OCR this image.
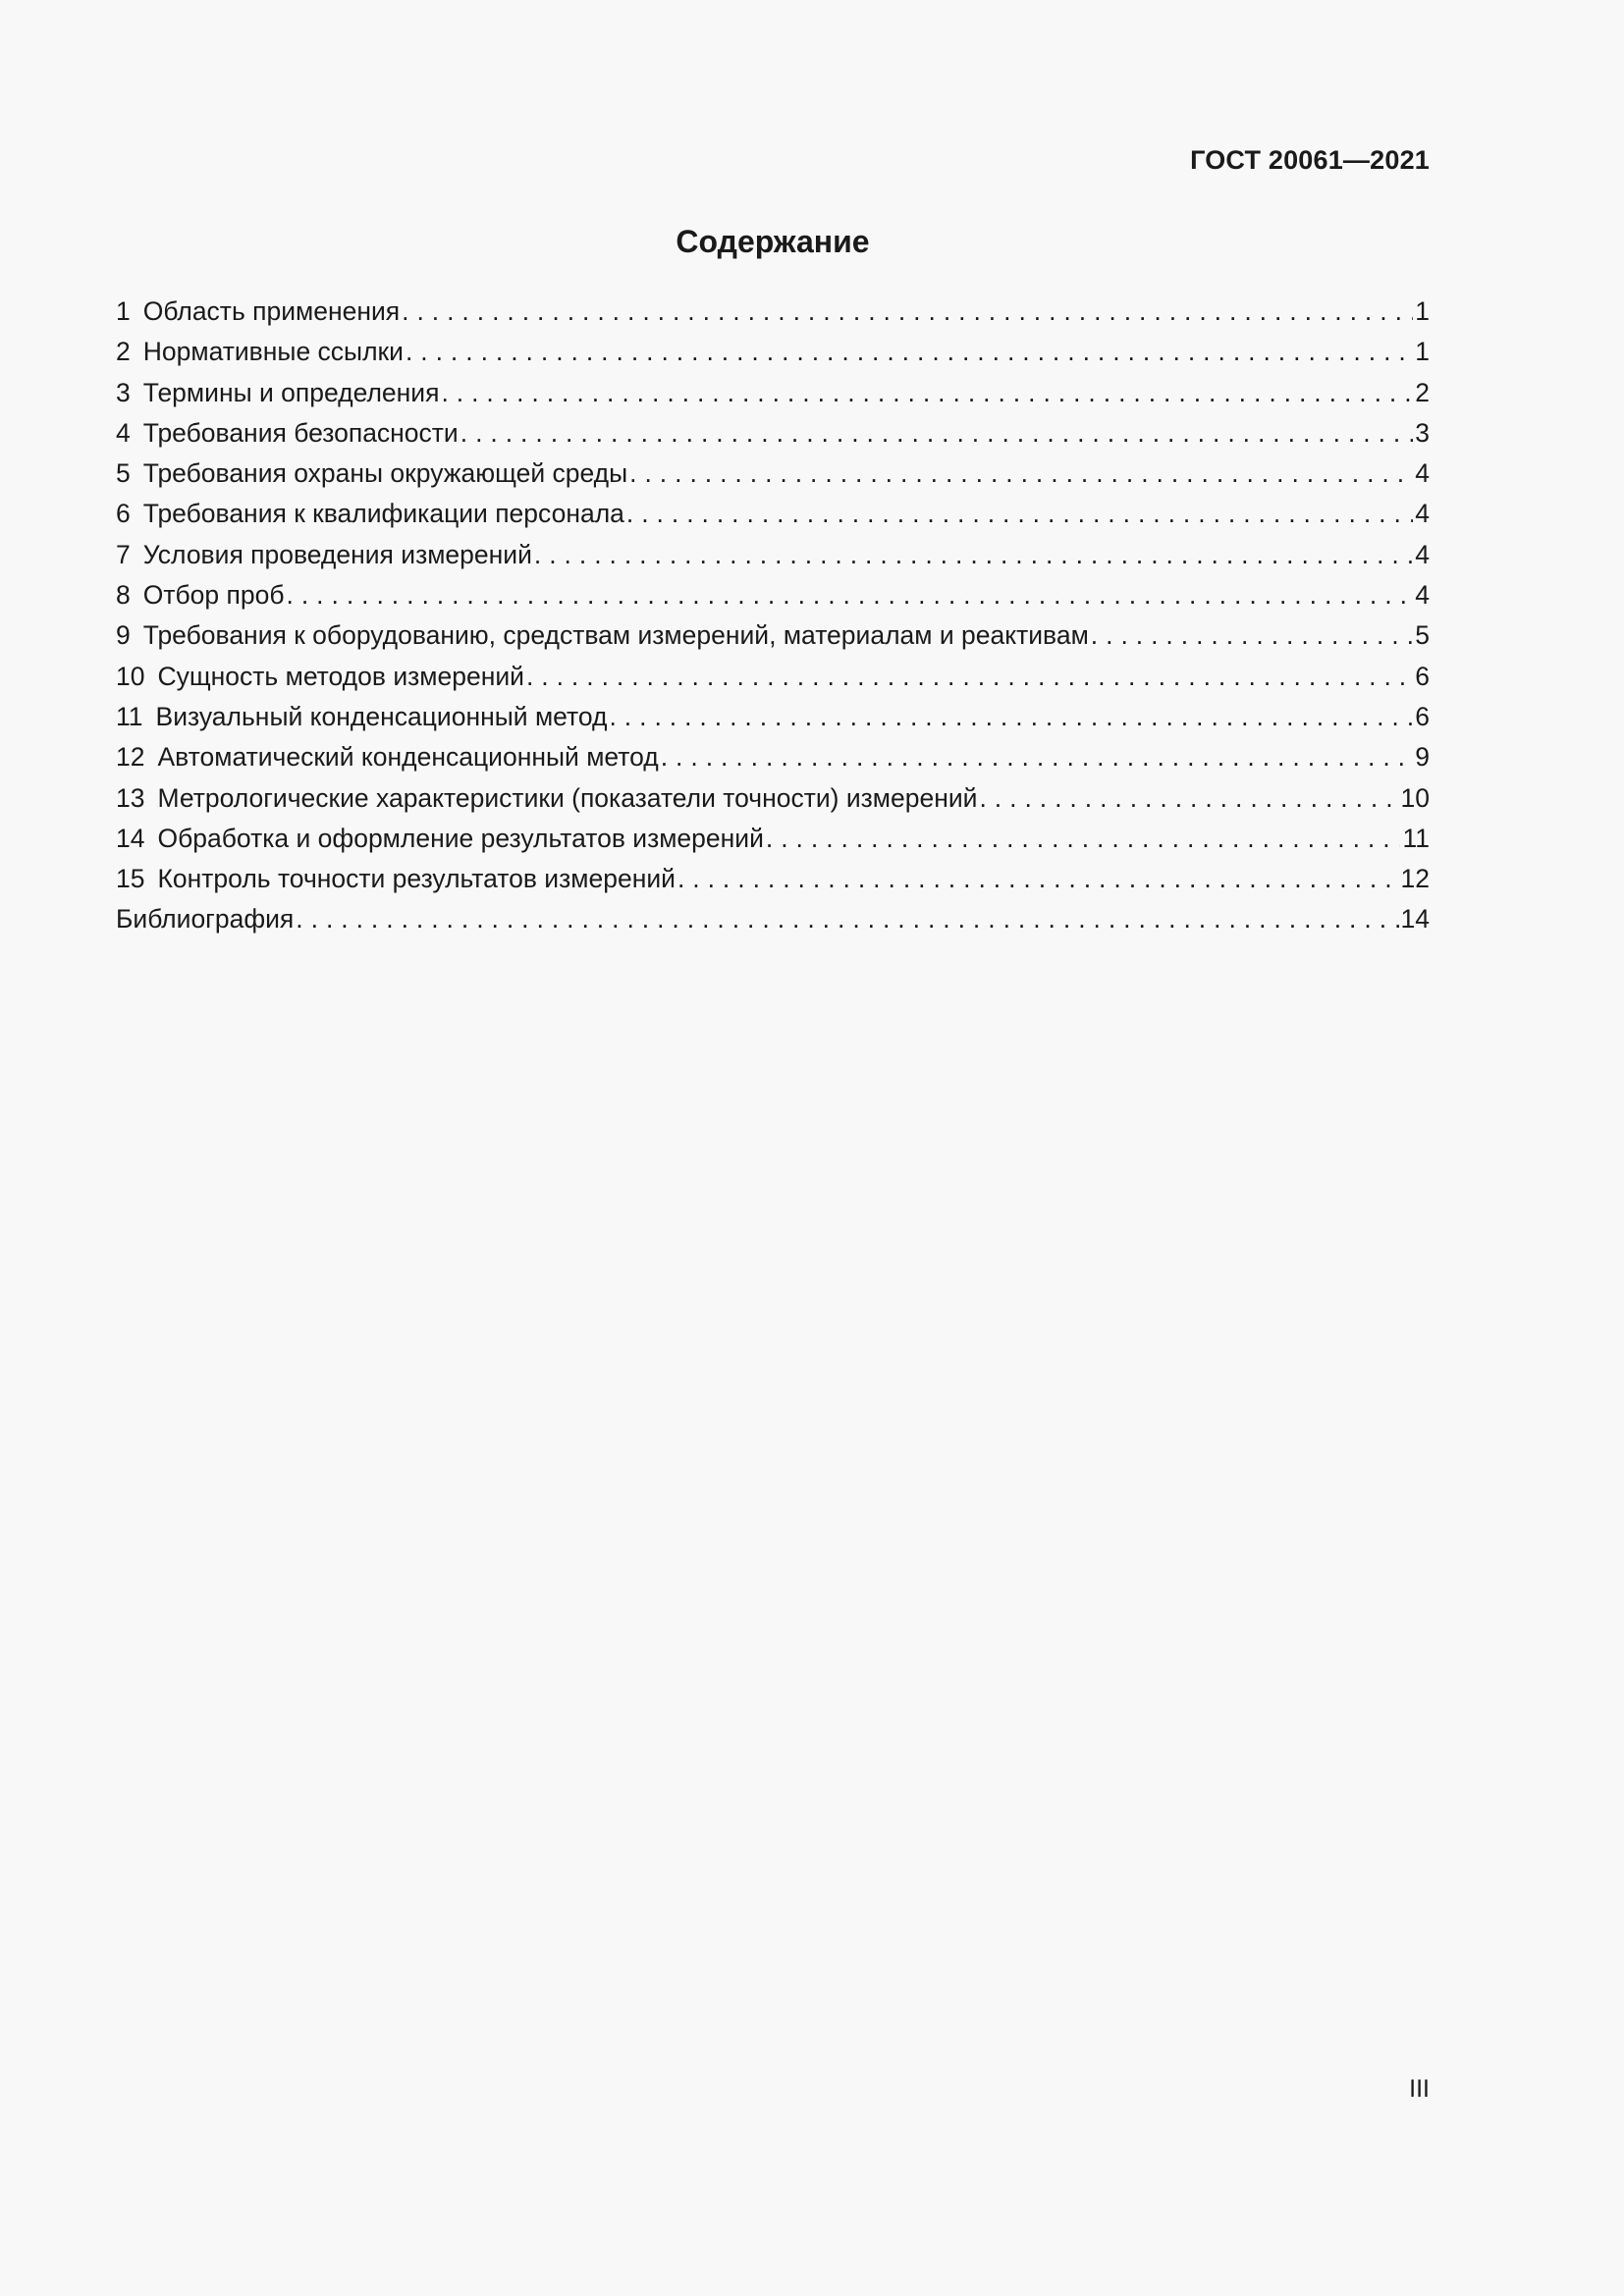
ГОСТ 20061—2021
Содержание
1 Область применения . . .	1
2 Нормативные ссылки . . .	1
3 Термины и определения . . .	2
4 Требования безопасности . . .	3
5 Требования охраны окружающей среды . . .	4
6 Требования к квалификации персонала . . .	4
7 Условия проведения измерений . . .	4
8 Отбор проб . . .	4
9 Требования к оборудованию, средствам измерений, материалам и реактивам . . .	5
10 Сущность методов измерений . . .	6
11 Визуальный конденсационный метод . . .	6
12 Автоматический конденсационный метод . . .	9
13 Метрологические характеристики (показатели точности) измерений . . .	10
14 Обработка и оформление результатов измерений . . .	11
15 Контроль точности результатов измерений . . .	12
Библиография . . .	14
III
